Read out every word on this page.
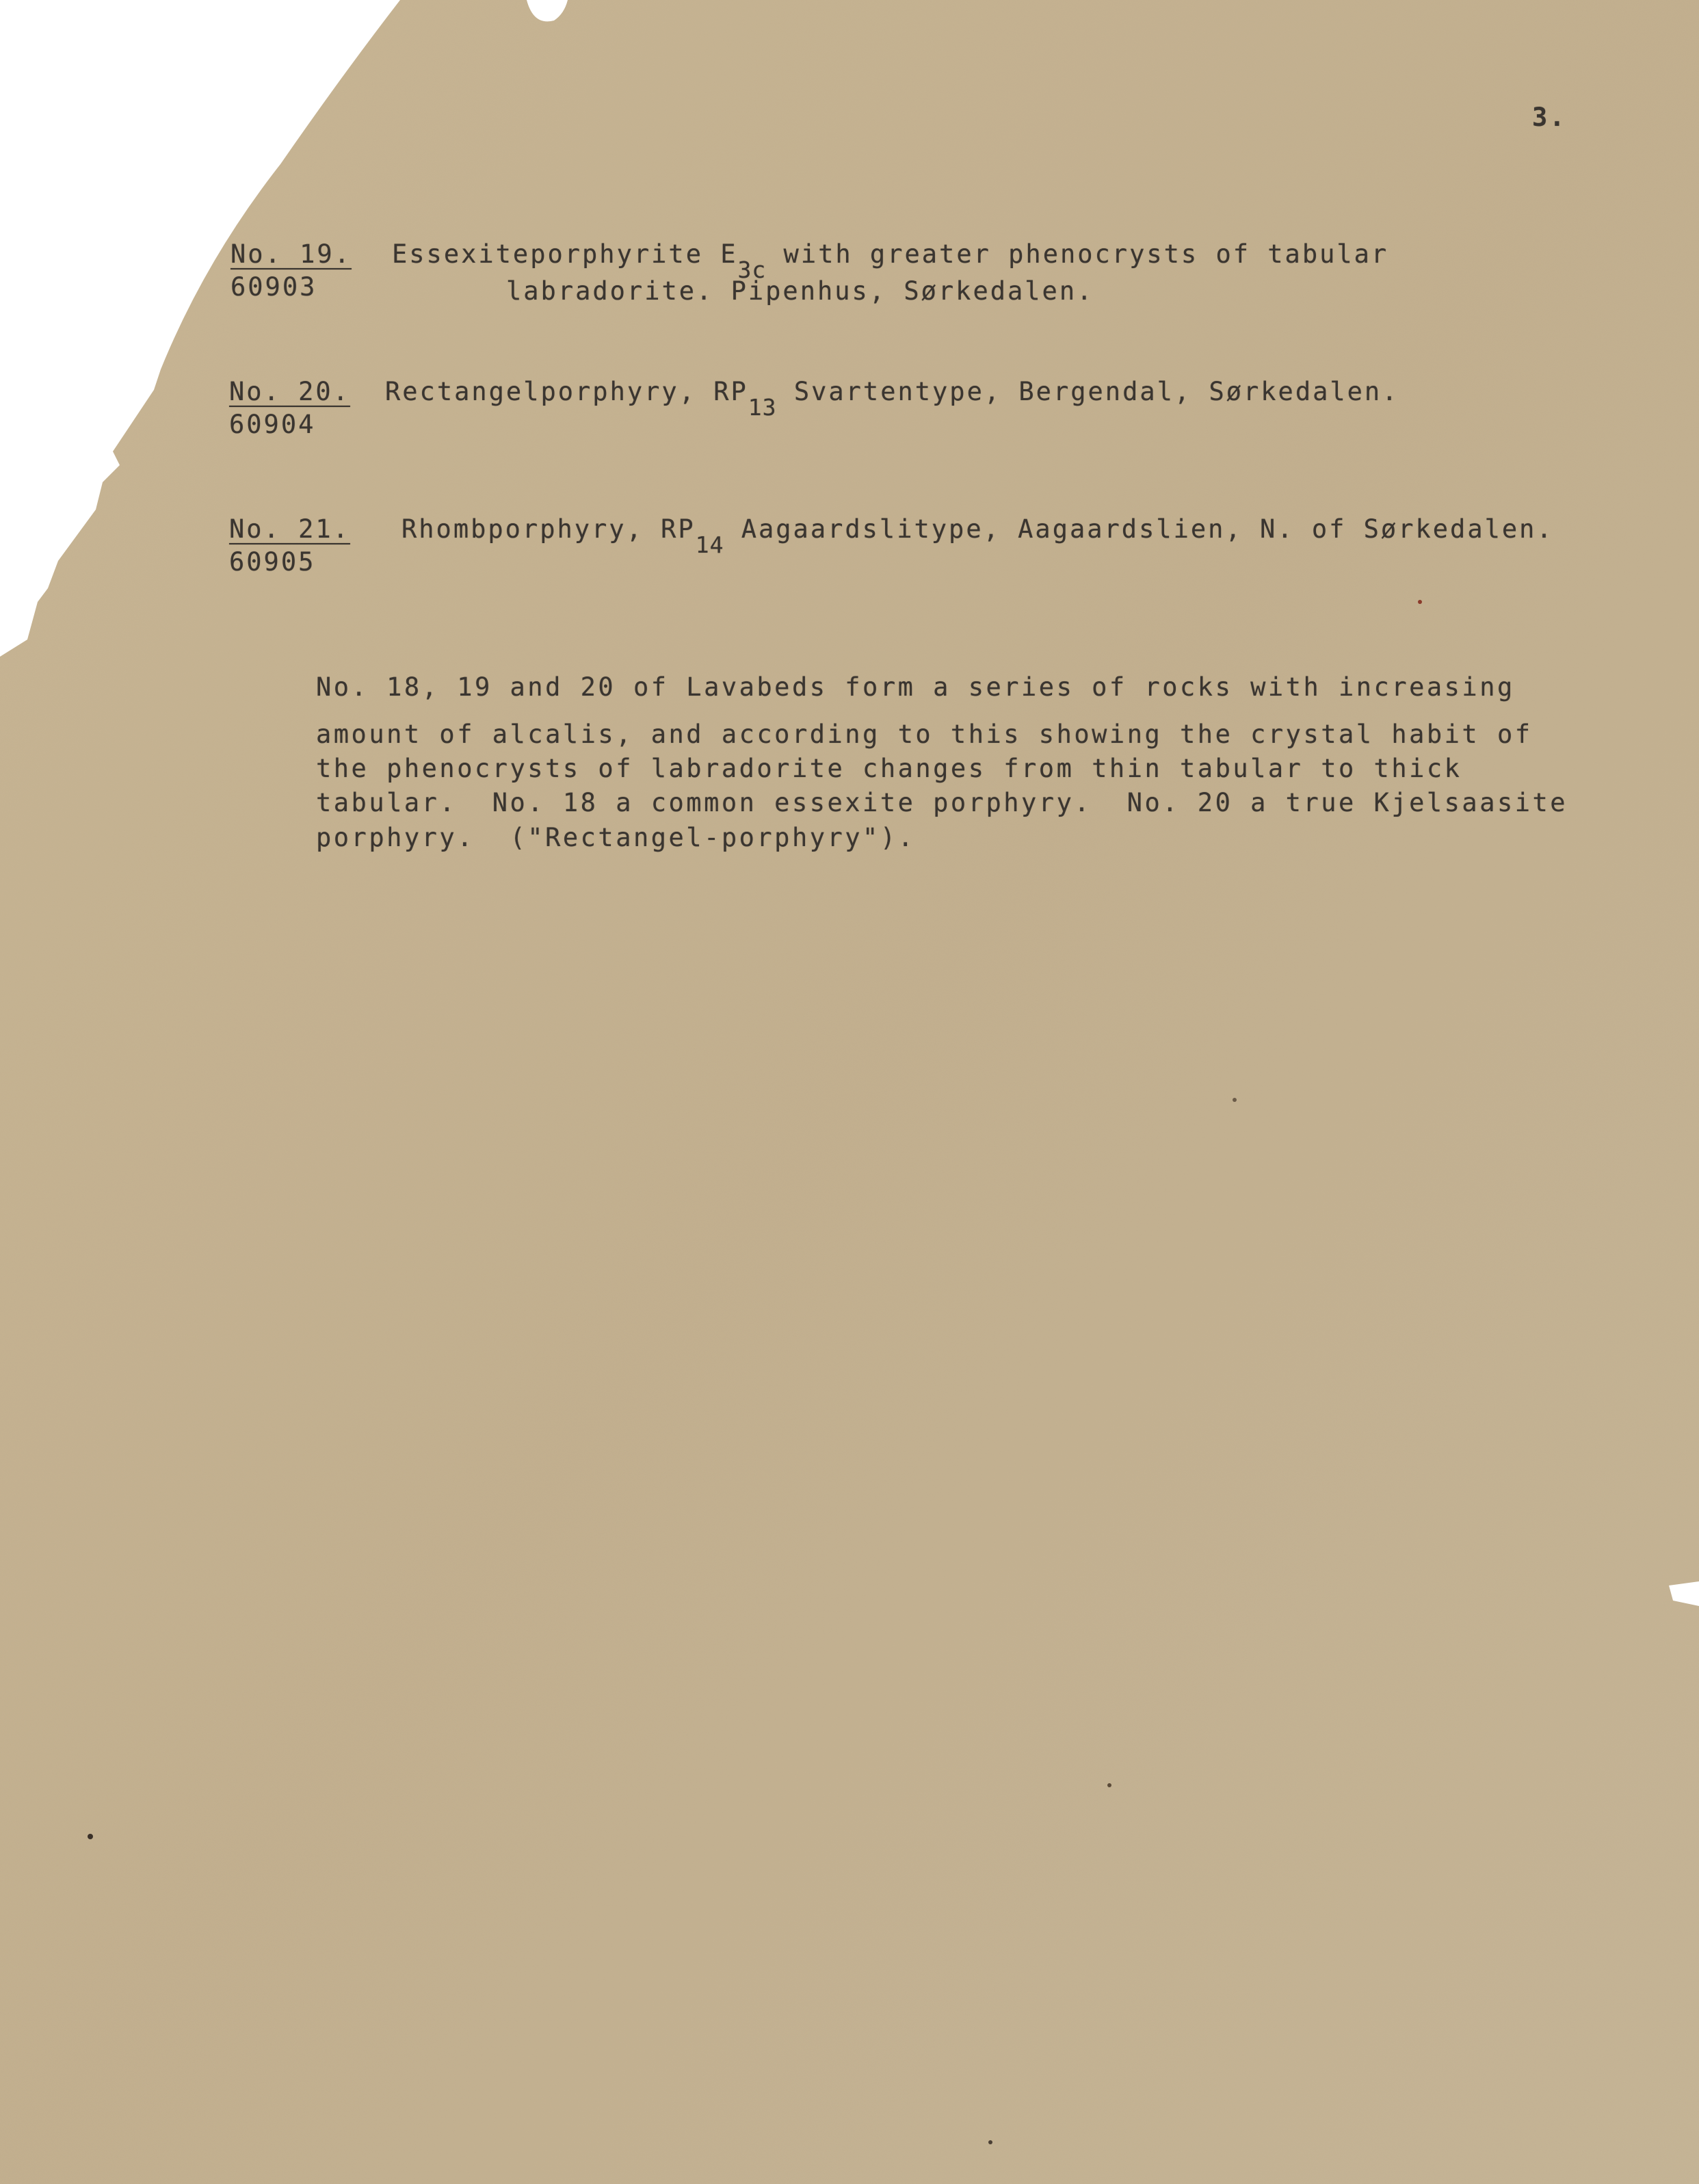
3.
No. 19.
60903
Essexiteporphyrite E3c with greater phenocrysts of tabular
labradorite. Pipenhus, Sørkedalen.
No. 20.
60904
Rectangelporphyry, RP13 Svartentype, Bergendal, Sørkedalen.
No. 21.
60905
Rhombporphyry, RP14 Aagaardslitype, Aagaardslien, N. of Sørkedalen.
No. 18, 19 and 20 of Lavabeds form a series of rocks with increasing
amount of alcalis, and according to this showing the crystal habit of
the phenocrysts of labradorite changes from thin tabular to thick
tabular.  No. 18 a common essexite porphyry.  No. 20 a true Kjelsaasite
porphyry.  ("Rectangel-porphyry").
